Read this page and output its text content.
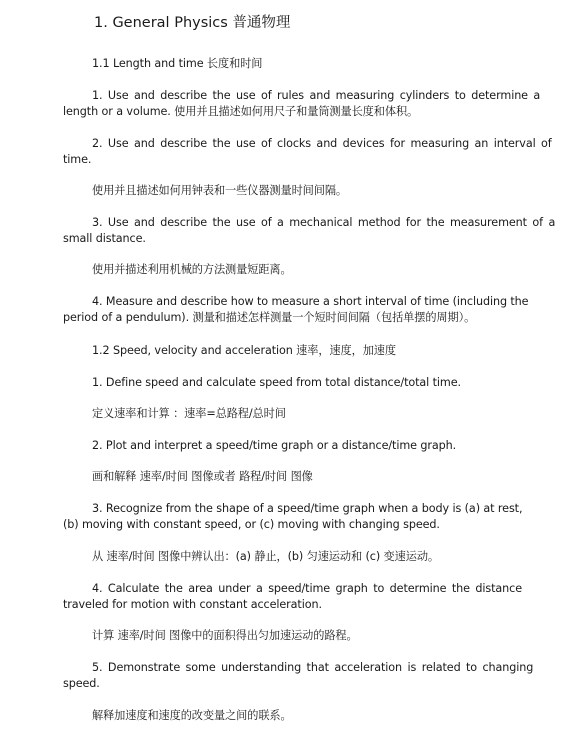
1. General Physics 普通物理
1.1 Length and time 长度和时间
1. Use and describe the use of rules and measuring cylinders to determine a
length or a volume. 使用并且描述如何用尺子和量筒测量长度和体积。
2. Use and describe the use of clocks and devices for measuring an interval of
time.
使用并且描述如何用钟表和一些仪器测量时间间隔。
3. Use and describe the use of a mechanical method for the measurement of a
small distance.
使用并描述利用机械的方法测量短距离。
4. Measure and describe how to measure a short interval of time (including the
period of a pendulum). 测量和描述怎样测量一个短时间间隔（包括单摆的周期）。
1.2 Speed, velocity and acceleration 速率，速度，加速度
1. Define speed and calculate speed from total distance/total time.
定义速率和计算 ：速率=总路程/总时间
2. Plot and interpret a speed/time graph or a distance/time graph.
画和解释 速率/时间 图像或者 路程/时间 图像
3. Recognize from the shape of a speed/time graph when a body is (a) at rest,
(b) moving with constant speed, or (c) moving with changing speed.
从 速率/时间 图像中辨认出：(a) 静止，(b) 匀速运动和 (c) 变速运动。
4. Calculate the area under a speed/time graph to determine the distance
traveled for motion with constant acceleration.
计算 速率/时间 图像中的面积得出匀加速运动的路程。
5. Demonstrate some understanding that acceleration is related to changing
speed.
解释加速度和速度的改变量之间的联系。
